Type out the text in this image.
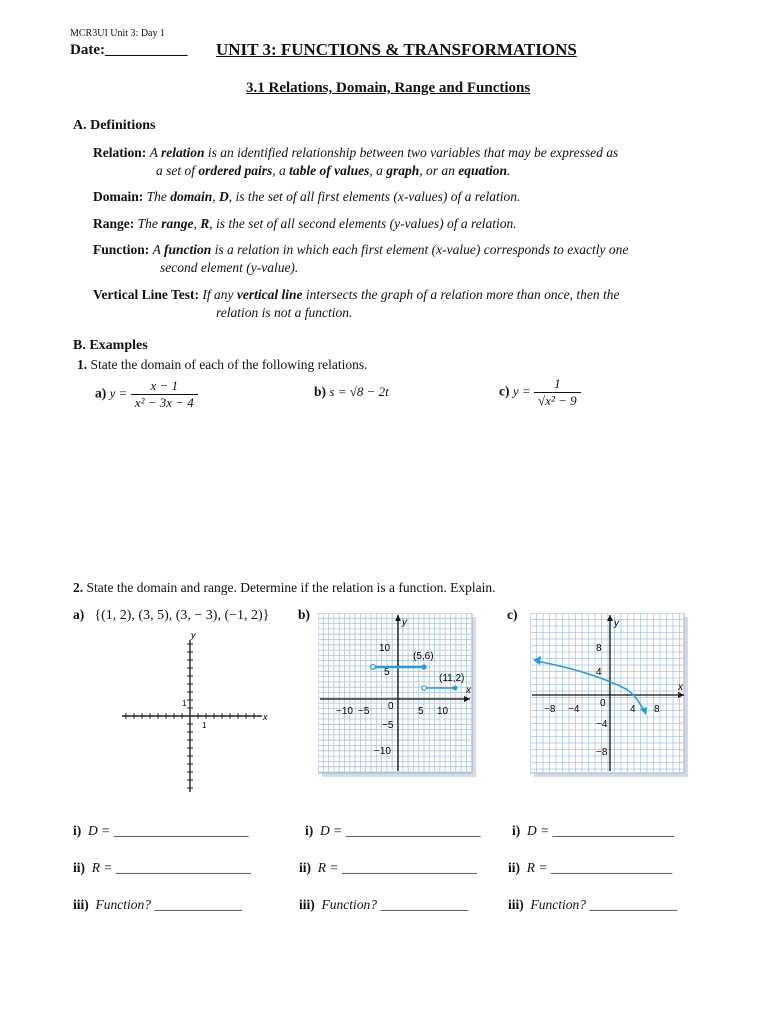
MCR3UI Unit 3: Day 1
Date:___________ UNIT 3: FUNCTIONS & TRANSFORMATIONS
3.1 Relations, Domain, Range and Functions
A. Definitions
Relation: A relation is an identified relationship between two variables that may be expressed as
a set of ordered pairs, a table of values, a graph, or an equation.
Domain: The domain, D, is the set of all first elements (x-values) of a relation.
Range: The range, R, is the set of all second elements (y-values) of a relation.
Function: A function is a relation in which each first element (x-value) corresponds to exactly one
second element (y-value).
Vertical Line Test: If any vertical line intersects the graph of a relation more than once, then the
relation is not a function.
B. Examples
1. State the domain of each of the following relations.
a) $y = \frac{x - 1}{\text{x² − 3x − 4}}$	b) s = √8 − 2t	c) $y = \frac{1}{\text{√x² − 9}}$
2. State the domain and range. Determine if the relation is a function. Explain.
a) {(1, 2), (3, 5), (3, − 3), (−1, 2)} b)	c)
x
y
1
1
x
y
−10 −5 0 5 10
10
5
−5
−10
(5,6)
(11,2)
x
y
−8 −4
0
4 8
8
4
−4
−8
i) D = ____________________	i) D = ____________________ i) D = __________________
ii) R = ____________________	ii) R = ____________________ ii) R = __________________
iii) Function? _____________	iii) Function? _____________	iii) Function? _____________
